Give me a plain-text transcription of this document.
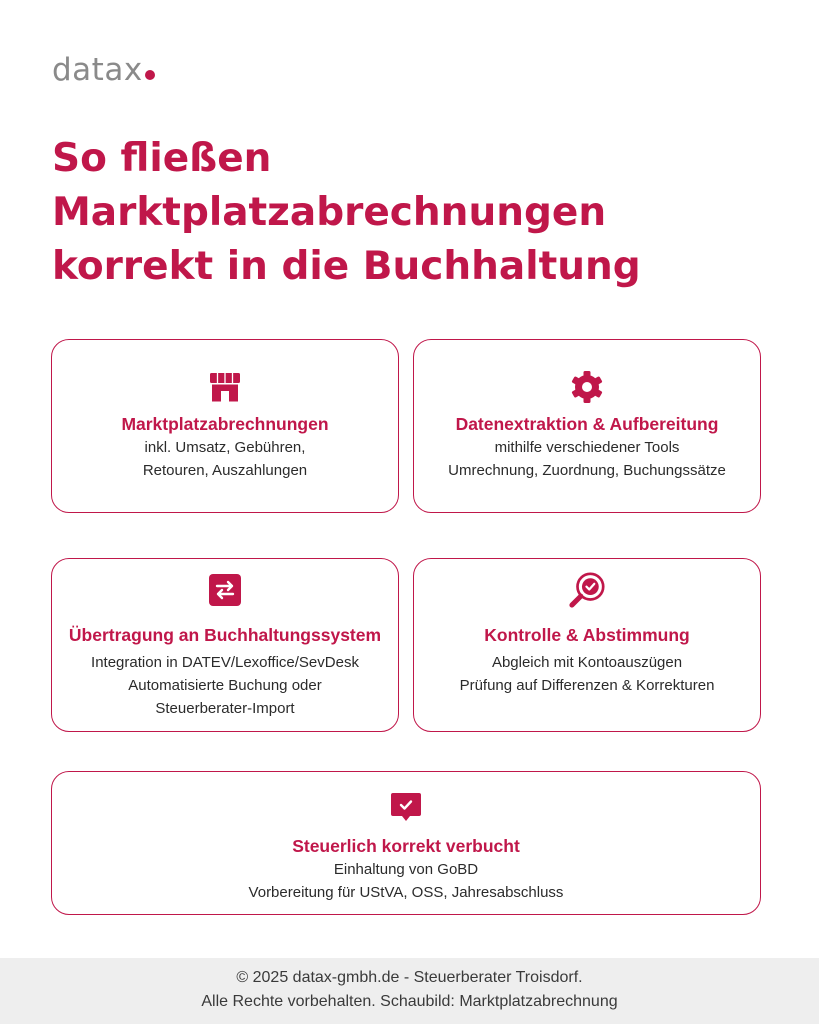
datax
So fließen
Marktplatzabrechnungen
korrekt in die Buchhaltung
Marktplatzabrechnungen
inkl. Umsatz, Gebühren,
Retouren, Auszahlungen
Datenextraktion & Aufbereitung
mithilfe verschiedener Tools
Umrechnung, Zuordnung, Buchungssätze
Übertragung an Buchhaltungssystem
Integration in DATEV/Lexoffice/SevDesk
Automatisierte Buchung oder
Steuerberater-Import
Kontrolle & Abstimmung
Abgleich mit Kontoauszügen
Prüfung auf Differenzen & Korrekturen
Steuerlich korrekt verbucht
Einhaltung von GoBD
Vorbereitung für UStVA, OSS, Jahresabschluss
© 2025 datax-gmbh.de - Steuerberater Troisdorf.
Alle Rechte vorbehalten. Schaubild: Marktplatzabrechnung
